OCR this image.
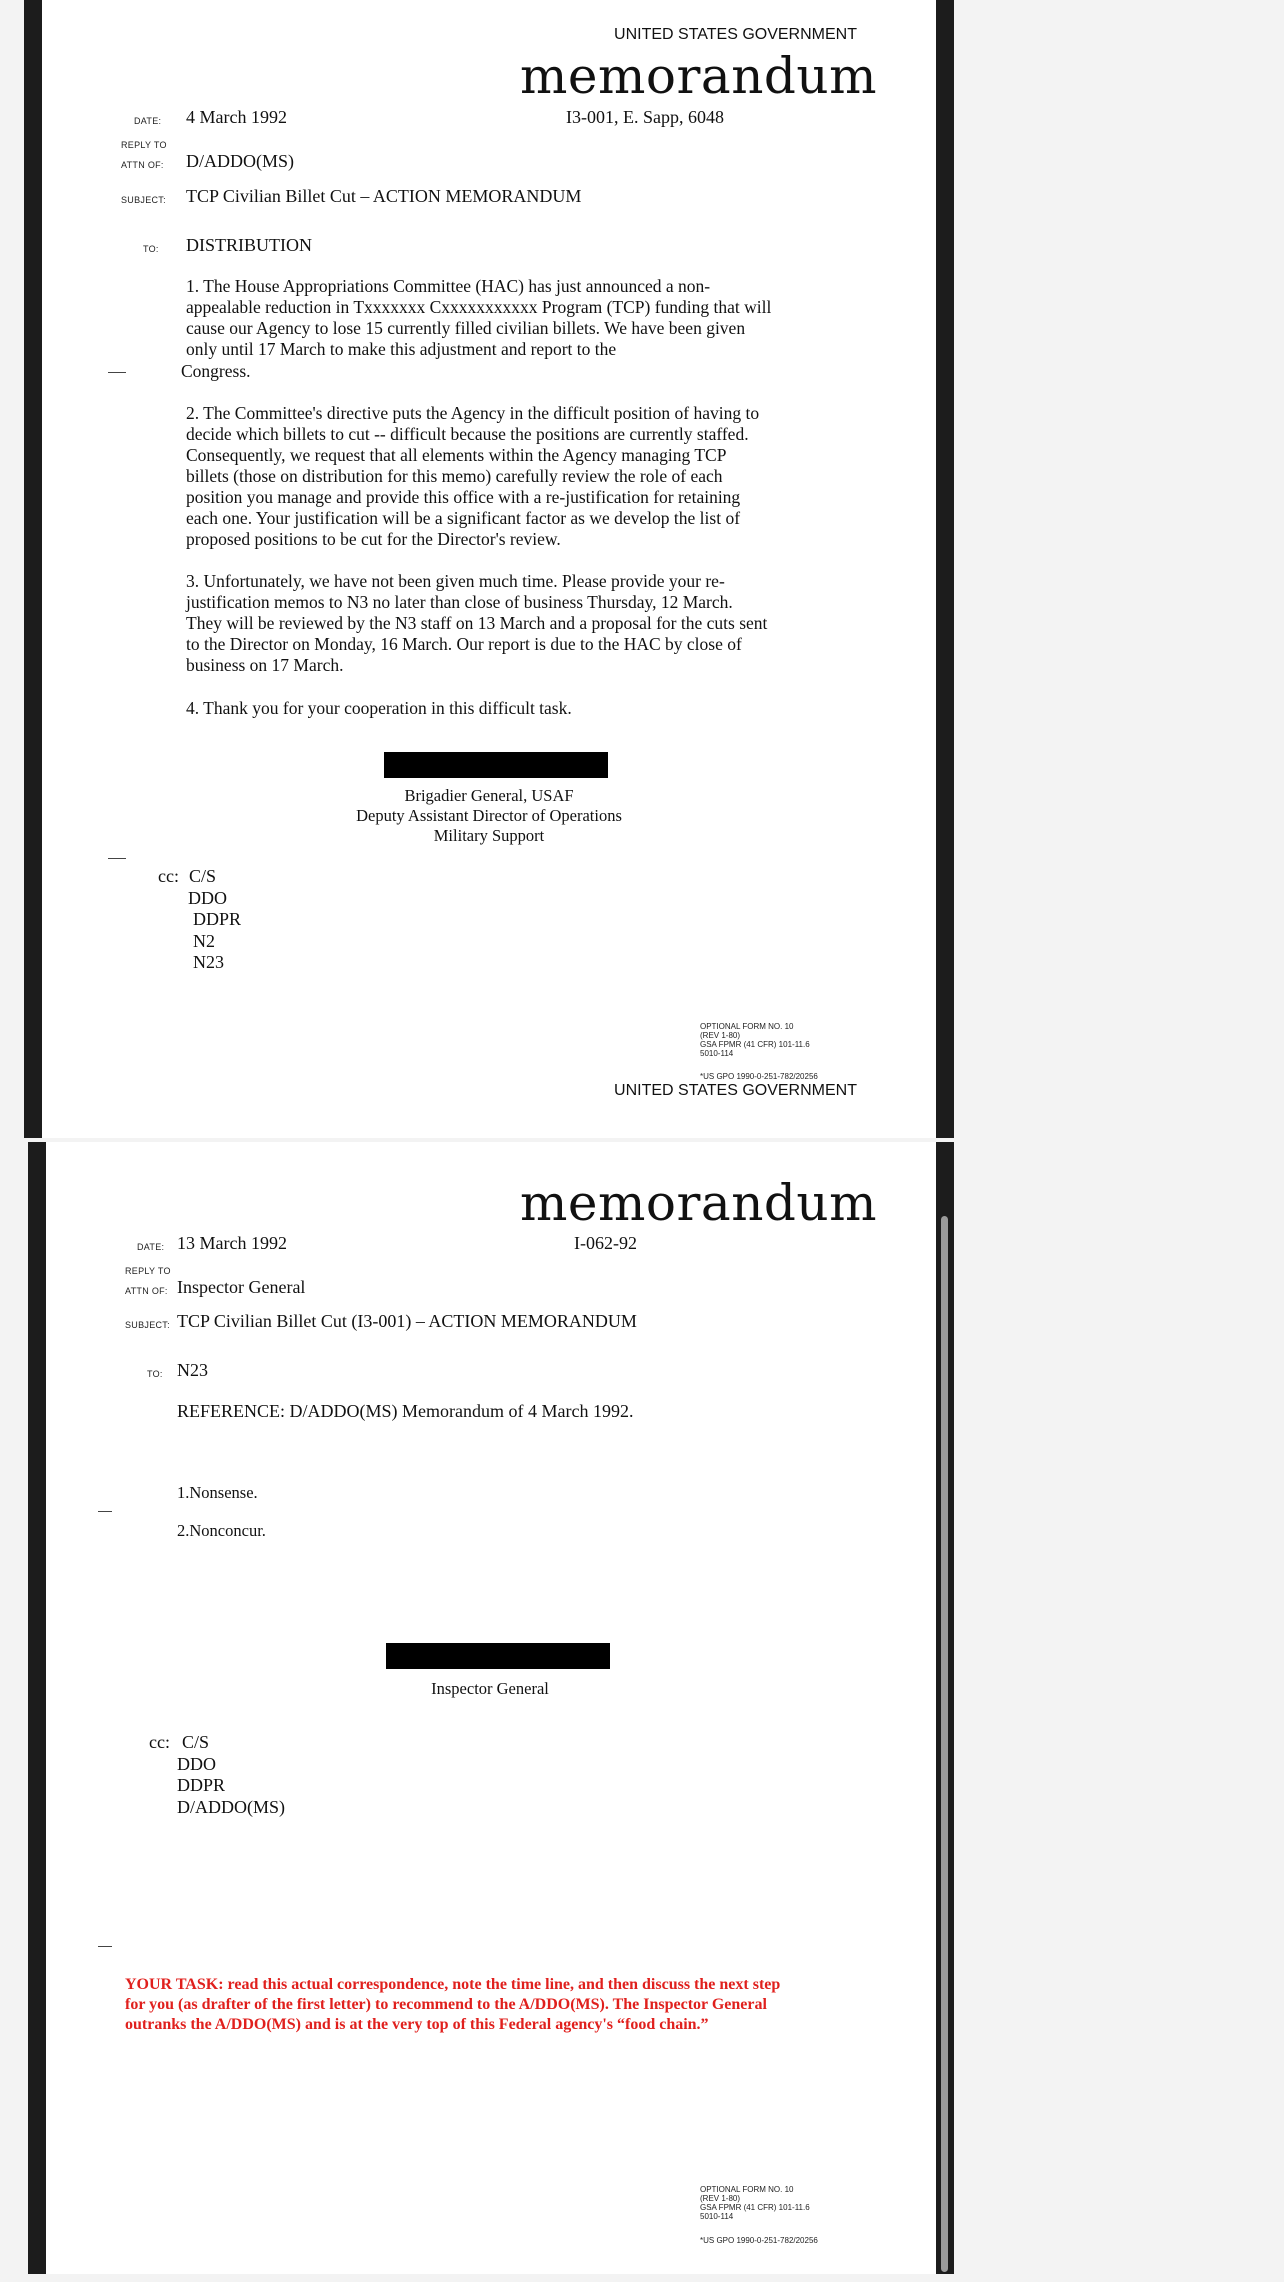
UNITED STATES GOVERNMENT
memorandum
DATE: 4 March 1992	I3-001, E. Sapp, 6048
REPLY TO
ATTN OF: D/ADDO(MS)
SUBJECT: TCP Civilian Billet Cut – ACTION MEMORANDUM
TO: DISTRIBUTION

1. The House Appropriations Committee (HAC) has just announced a non-

appealable reduction in Txxxxxxx Cxxxxxxxxxxx Program (TCP) funding that will

cause our Agency to lose 15 currently filled civilian billets. We have been given

only until 17 March to make this adjustment and report to the

Congress.

2. The Committee's directive puts the Agency in the difficult position of having to

decide which billets to cut -- difficult because the positions are currently staffed.

Consequently, we request that all elements within the Agency managing TCP

billets (those on distribution for this memo) carefully review the role of each

position you manage and provide this office with a re-justification for retaining

each one. Your justification will be a significant factor as we develop the list of

proposed positions to be cut for the Director's review.

3. Unfortunately, we have not been given much time. Please provide your re-

justification memos to N3 no later than close of business Thursday, 12 March.

They will be reviewed by the N3 staff on 13 March and a proposal for the cuts sent

to the Director on Monday, 16 March. Our report is due to the HAC by close of

business on 17 March.

4. Thank you for your cooperation in this difficult task.
Brigadier General, USAF
Deputy Assistant Director of Operations
Military Support
cc: C/S
DDO
DDPR
N2
N23
OPTIONAL FORM NO. 10
(REV 1-80)
GSA FPMR (41 CFR) 101-11.6
5010-114
*US GPO 1990-0-251-782/20256
UNITED STATES GOVERNMENT
memorandum
DATE: 13 March 1992	I-062-92
REPLY TO
ATTN OF: Inspector General
SUBJECT: TCP Civilian Billet Cut (I3-001) – ACTION MEMORANDUM
TO: N23
REFERENCE: D/ADDO(MS) Memorandum of 4 March 1992.
1.Nonsense.
2.Nonconcur.
Inspector General
cc: C/S
DDO
DDPR
D/ADDO(MS)
YOUR TASK: read this actual correspondence, note the time line, and then discuss the next step
for you (as drafter of the first letter) to recommend to the A/DDO(MS). The Inspector General
outranks the A/DDO(MS) and is at the very top of this Federal agency's “food chain.”
OPTIONAL FORM NO. 10
(REV 1-80)
GSA FPMR (41 CFR) 101-11.6
5010-114
*US GPO 1990-0-251-782/20256
